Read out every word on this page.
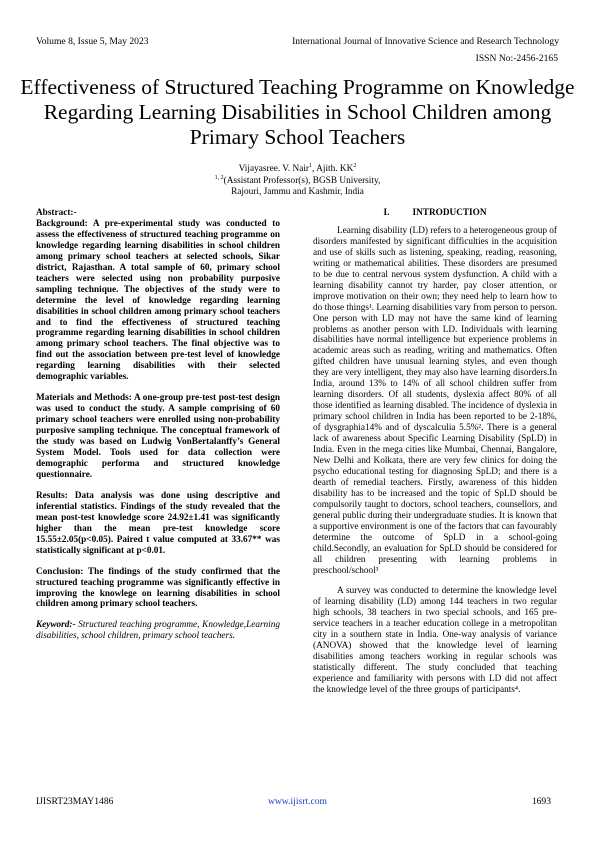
Volume 8, Issue 5, May 2023	International Journal of Innovative Science and Research Technology
ISSN No:-2456-2165
Effectiveness of Structured Teaching Programme on Knowledge Regarding Learning Disabilities in School Children among Primary School Teachers
Vijayasree. V. Nair$^1$, Ajith. $KK^2$
$^{1, 2}$(Assistant Professor(s), BGSB University,
Rajouri, Jammu and Kashmir, India

Abstract:-

Background: A pre-experimental study was conducted to assess the effectiveness of structured teaching programme on knowledge regarding learning disabilities in school children among primary school teachers at selected schools, Sikar district, Rajasthan. A total sample of 60, primary school teachers were selected using non probability purposive sampling technique. The objectives of the study were to determine the level of knowledge regarding learning disabilities in school children among primary school teachers and to find the effectiveness of structured teaching programme regarding learning disabilities in school children among primary school teachers. The final objective was to find out the association between pre-test level of knowledge regarding learning disabilities with their selected demographic variables.

Materials and Methods: A one-group pre-test post-test design was used to conduct the study. A sample comprising of 60 primary school teachers were enrolled using non-probability purposive sampling technique. The conceptual framework of the study was based on Ludwig VonBertalanffy’s General System Model. Tools used for data collection were demographic performa and structured knowledge questionnaire.

Results: Data analysis was done using descriptive and inferential statistics. Findings of the study revealed that the mean post-test knowledge score 24.92±1.41 was significantly higher than the mean pre-test knowledge score 15.55±2.05(p<0.05). Paired t value computed at 33.67** was statistically significant at p<0.01.

Conclusion: The findings of the study confirmed that the structured teaching programme was significantly effective in improving the knowlege on learning disabilities in school children among primary school teachers.

Keyword:- Structured teaching programme, Knowledge,Learning disabilities, school children, primary school teachers.

I.          INTRODUCTION

Learning disability (LD) refers to a heterogeneous group of disorders manifested by significant difficulties in the acquisition and use of skills such as listening, speaking, reading, reasoning, writing or mathematical abilities. These disorders are presumed to be due to central nervous system dysfunction. A child with a learning disability cannot try harder, pay closer attention, or improve motivation on their own; they need help to learn how to do those things¹. Learning disabilities vary from person to person. One person with LD may not have the same kind of learning problems as another person with LD. Individuals with learning disabilities have normal intelligence but experience problems in academic areas such as reading, writing and mathematics. Often gifted children have unusual learning styles, and even though they are very intelligent, they may also have learning disorders.In India, around 13% to 14% of all school children suffer from learning disorders. Of all students, dyslexia affect 80% of all those identified as learning disabled. The incidence of dyslexia in primary school children in India has been reported to be 2-18%, of dysgraphia14% and of dyscalculia 5.5%². There is a general lack of awareness about Specific Learning Disability (SpLD) in India. Even in the mega cities like Mumbai, Chennai, Bangalore, New Delhi and Kolkata, there are very few clinics for doing the psycho educational testing for diagnosing SpLD; and there is a dearth of remedial teachers. Firstly, awareness of this hidden disability has to be increased and the topic of SpLD should be compulsorily taught to doctors, school teachers, counsellors, and general public during their undergraduate studies. It is known that a supportive environment is one of the factors that can favourably determine the outcome of SpLD in a school-going child.Secondly, an evaluation for SpLD should be considered for all children presenting with learning problems in preschool/school³

A survey was conducted to determine the knowledge level of learning disability (LD) among 144 teachers in two regular high schools, 38 teachers in two special schools, and 165 pre-service teachers in a teacher education college in a metropolitan city in a southern state in India. One-way analysis of variance (ANOVA) showed that the knowledge level of learning disabilities among teachers working in regular schools was statistically different. The study concluded that teaching experience and familiarity with persons with LD did not affect the knowledge level of the three groups of participants⁴.

IJISRT23MAY1486	www.ijisrt.com	1693
